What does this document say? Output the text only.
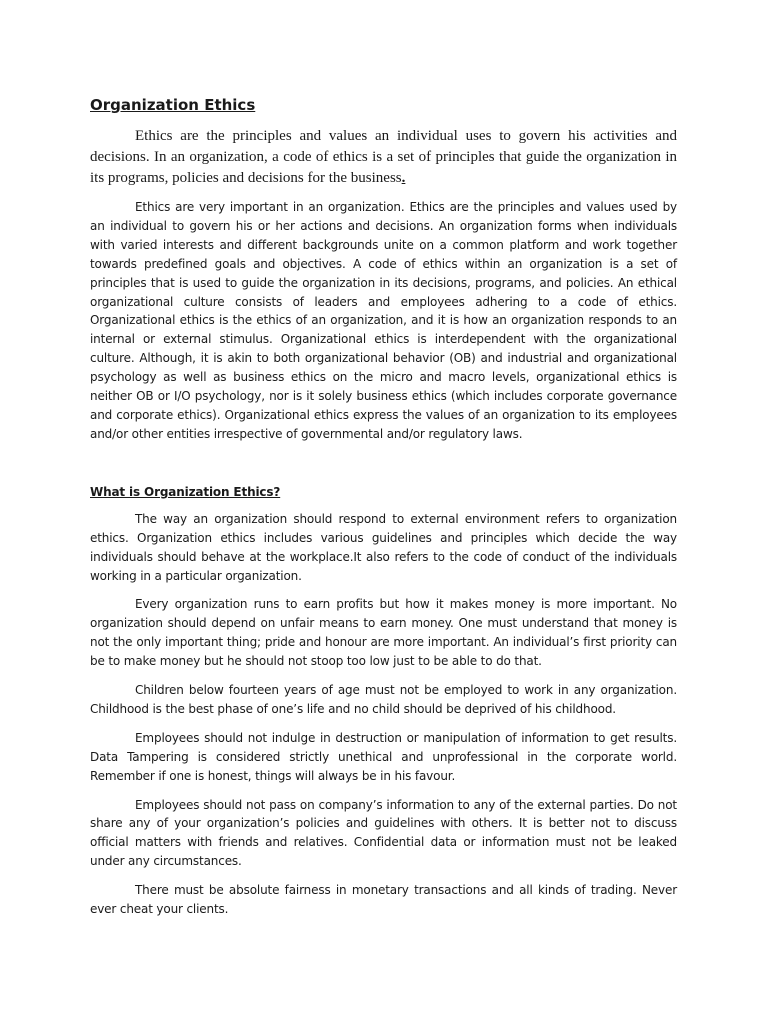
Organization Ethics

Ethics are the principles and values an individual uses to govern his activities and decisions. In an organization, a code of ethics is a set of principles that guide the organization in its programs, policies and decisions for the business.

Ethics are very important in an organization. Ethics are the principles and values used by an individual to govern his or her actions and decisions. An organization forms when individuals with varied interests and different backgrounds unite on a common platform and work together towards predefined goals and objectives. A code of ethics within an organization is a set of principles that is used to guide the organization in its decisions, programs, and policies. An ethical organizational culture consists of leaders and employees adhering to a code of ethics. Organizational ethics is the ethics of an organization, and it is how an organization responds to an internal or external stimulus. Organizational ethics is interdependent with the organizational culture. Although, it is akin to both organizational behavior (OB) and industrial and organizational psychology as well as business ethics on the micro and macro levels, organizational ethics is neither OB or I/O psychology, nor is it solely business ethics (which includes corporate governance and corporate ethics). Organizational ethics express the values of an organization to its employees and/or other entities irrespective of governmental and/or regulatory laws.

What is Organization Ethics?

The way an organization should respond to external environment refers to organization ethics. Organization ethics includes various guidelines and principles which decide the way individuals should behave at the workplace.It also refers to the code of conduct of the individuals working in a particular organization.

Every organization runs to earn profits but how it makes money is more important. No organization should depend on unfair means to earn money. One must understand that money is not the only important thing; pride and honour are more important. An individual’s first priority can be to make money but he should not stoop too low just to be able to do that.

Children below fourteen years of age must not be employed to work in any organization. Childhood is the best phase of one’s life and no child should be deprived of his childhood.

Employees should not indulge in destruction or manipulation of information to get results. Data Tampering is considered strictly unethical and unprofessional in the corporate world. Remember if one is honest, things will always be in his favour.

Employees should not pass on company’s information to any of the external parties. Do not share any of your organization’s policies and guidelines with others. It is better not to discuss official matters with friends and relatives. Confidential data or information must not be leaked under any circumstances.

There must be absolute fairness in monetary transactions and all kinds of trading. Never ever cheat your clients.
